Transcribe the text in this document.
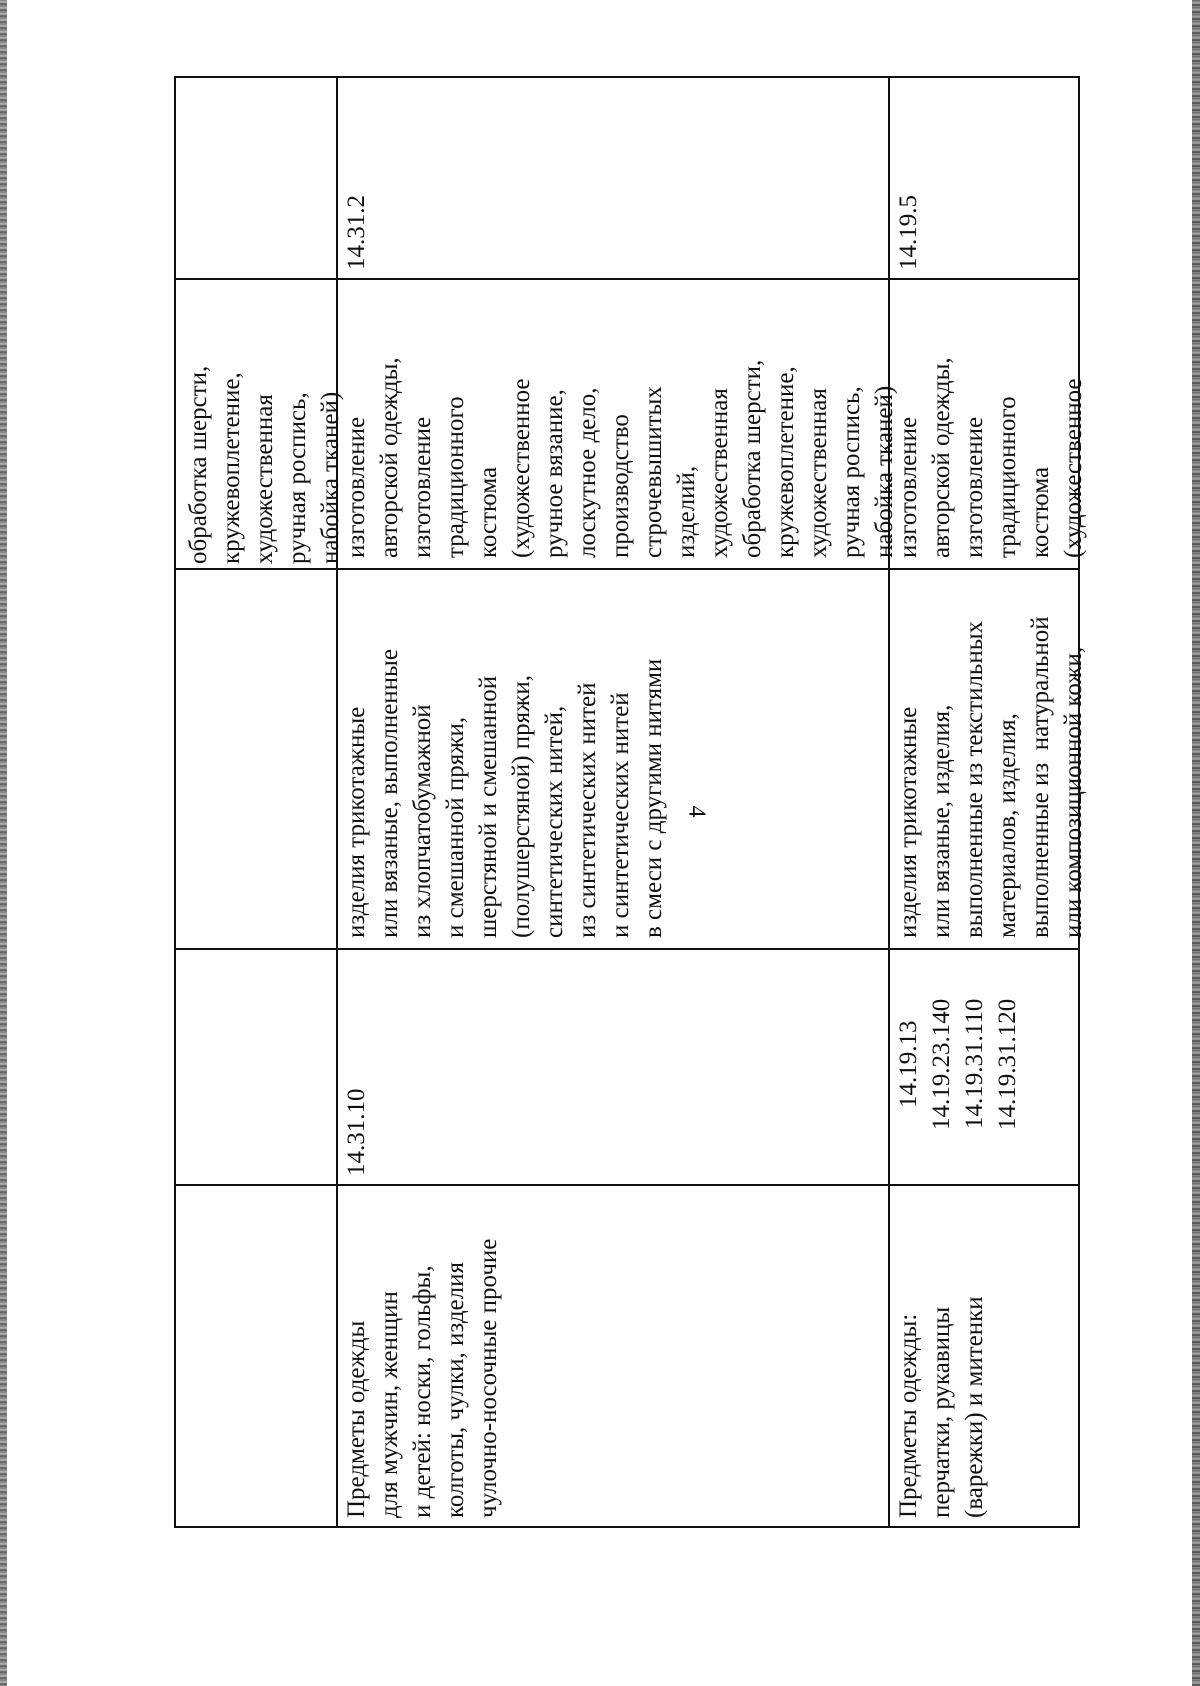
4
обработка шерсти,
кружевоплетение,
художественная
ручная роспись,
набойка тканей)
Предметы одежды
для мужчин, женщин
и детей: носки, гольфы,
колготы, чулки, изделия
чулочно-носочные прочие
14.31.10
изделия трикотажные
или вязаные, выполненные
из хлопчатобумажной
и смешанной пряжи,
шерстяной и смешанной
(полушерстяной) пряжи,
синтетических нитей,
из синтетических нитей
и синтетических нитей
в смеси с другими нитями
изготовление
авторской одежды,
изготовление
традиционного
костюма
(художественное
ручное вязание,
лоскутное дело,
производство
строчевышитых
изделий,
художественная
обработка шерсти,
кружевоплетение,
художественная
ручная роспись,
набойка тканей)
14.31.2
Предметы одежды:
перчатки, рукавицы
(варежки) и митенки
14.19.13
14.19.23.140
14.19.31.110
14.19.31.120
изделия трикотажные
или вязаные, изделия,
выполненные из текстильных
материалов, изделия,
выполненные из  натуральной
или композиционной кожи,
изготовление
авторской одежды,
изготовление
традиционного
костюма
(художественное
14.19.5
